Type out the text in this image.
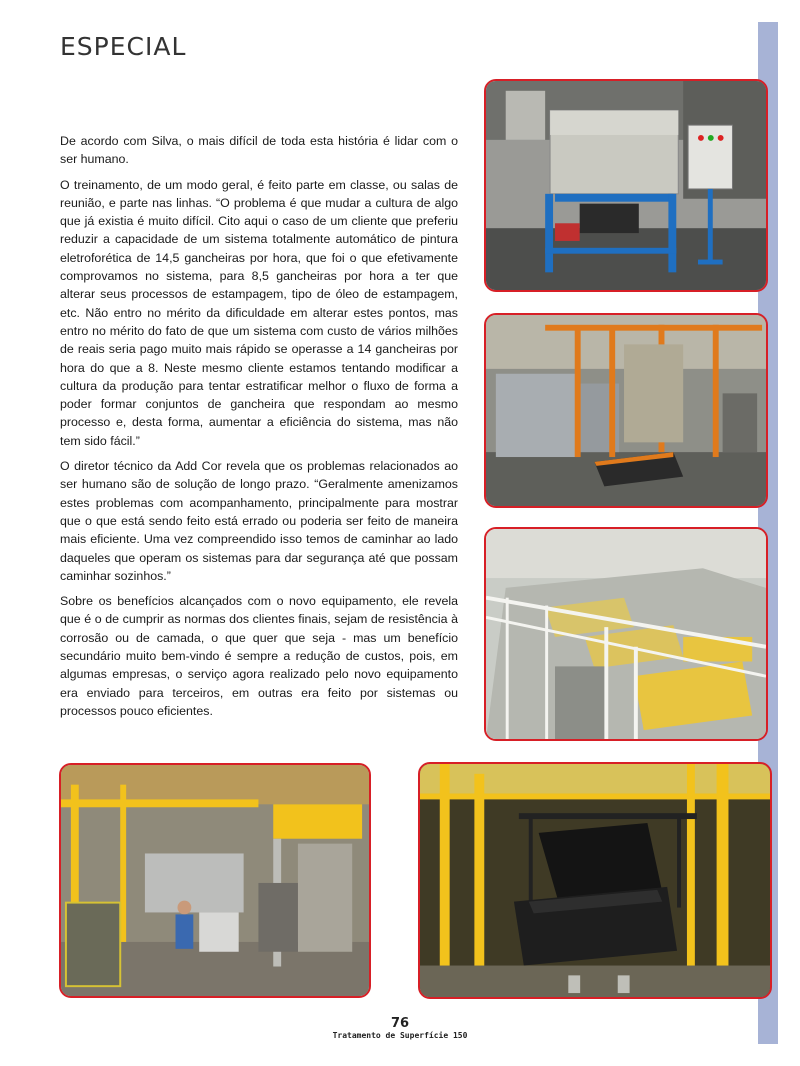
ESPECIAL

De acordo com Silva, o mais difícil de toda esta história é lidar com o ser humano.

O treinamento, de um modo geral, é feito parte em classe, ou salas de reunião, e parte nas linhas. “O problema é que mudar a cultura de algo que já existia é muito difícil. Cito aqui o caso de um cliente que preferiu reduzir a capacidade de um sistema totalmente automático de pintura eletroforética de 14,5 gancheiras por hora, que foi o que efetivamente comprovamos no sistema, para 8,5 gancheiras por hora a ter que alterar seus processos de estampagem, tipo de óleo de estampagem, etc. Não entro no mérito da dificuldade em alterar estes pontos, mas entro no mérito do fato de que um sistema com custo de vários milhões de reais seria pago muito mais rápido se operasse a 14 gancheiras por hora do que a 8. Neste mesmo cliente estamos tentando modificar a cultura da produção para tentar estratificar melhor o fluxo de forma a poder formar conjuntos de gancheira que respondam ao mesmo processo e, desta forma, aumentar a eficiência do sistema, mas não tem sido fácil.”

O diretor técnico da Add Cor revela que os problemas relacionados ao ser humano são de solução de longo prazo. “Geralmente amenizamos estes problemas com acompanhamento, principalmente para mostrar que o que está sendo feito está errado ou poderia ser feito de maneira mais eficiente. Uma vez compreendido isso temos de caminhar ao lado daqueles que operam os sistemas para dar segurança até que possam caminhar sozinhos.”

Sobre os benefícios alcançados com o novo equipamento, ele revela que é o de cumprir as normas dos clientes finais, sejam de resistência à corrosão ou de camada, o que quer que seja - mas um benefício secundário muito bem-vindo é sempre a redução de custos, pois, em algumas empresas, o serviço agora realizado pelo novo equipamento era enviado para terceiros, em outras era feito por sistemas ou processos pouco eficientes.

76
Tratamento de Superfície 150
